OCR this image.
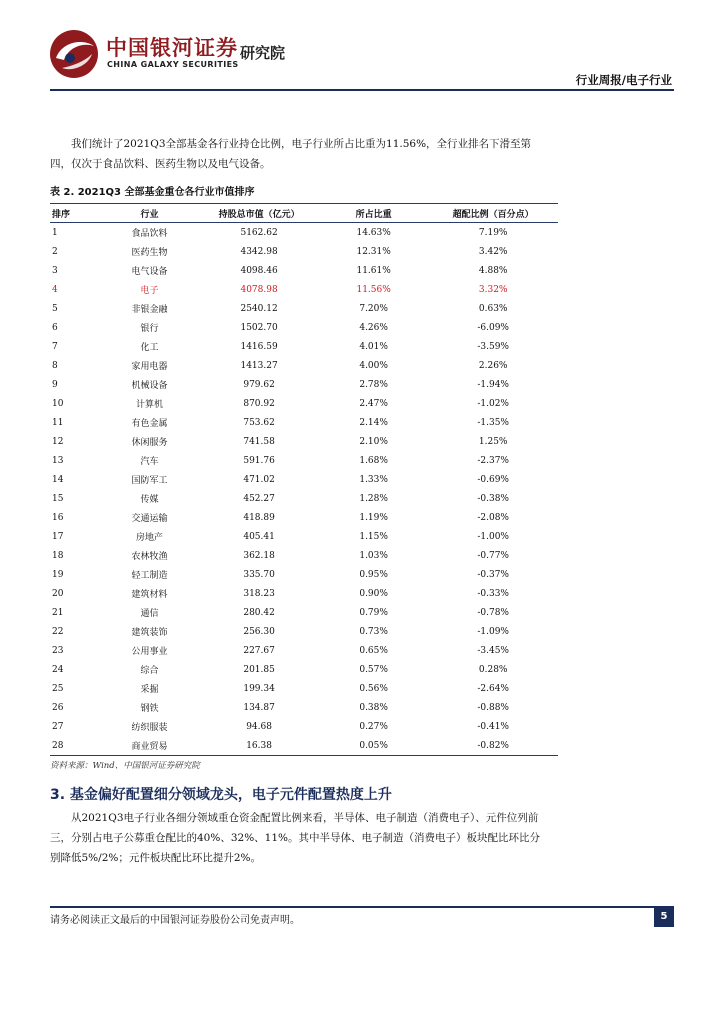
中国银河证券
CHINA GALAXY SECURITIES
研究院
行业周报/电子行业

我们统计了2021Q3全部基金各行业持仓比例，电子行业所占比重为11.56%，全行业排名下滑至第四，仅次于食品饮料、医药生物以及电气设备。

表 2. 2021Q3 全部基金重仓各行业市值排序
排序	行业	持股总市值（亿元）	所占比重	超配比例（百分点）
1	食品饮料	5162.62	14.63%	7.19%
2	医药生物	4342.98	12.31%	3.42%
3	电气设备	4098.46	11.61%	4.88%
4	电子	4078.98	11.56%	3.32%
5	非银金融	2540.12	7.20%	0.63%
6	银行	1502.70	4.26%	-6.09%
7	化工	1416.59	4.01%	-3.59%
8	家用电器	1413.27	4.00%	2.26%
9	机械设备	979.62	2.78%	-1.94%
10	计算机	870.92	2.47%	-1.02%
11	有色金属	753.62	2.14%	-1.35%
12	休闲服务	741.58	2.10%	1.25%
13	汽车	591.76	1.68%	-2.37%
14	国防军工	471.02	1.33%	-0.69%
15	传媒	452.27	1.28%	-0.38%
16	交通运输	418.89	1.19%	-2.08%
17	房地产	405.41	1.15%	-1.00%
18	农林牧渔	362.18	1.03%	-0.77%
19	轻工制造	335.70	0.95%	-0.37%
20	建筑材料	318.23	0.90%	-0.33%
21	通信	280.42	0.79%	-0.78%
22	建筑装饰	256.30	0.73%	-1.09%
23	公用事业	227.67	0.65%	-3.45%
24	综合	201.85	0.57%	0.28%
25	采掘	199.34	0.56%	-2.64%
26	钢铁	134.87	0.38%	-0.88%
27	纺织服装	94.68	0.27%	-0.41%
28	商业贸易	16.38	0.05%	-0.82%
资料来源：Wind、中国银河证券研究院
3. 基金偏好配置细分领域龙头，电子元件配置热度上升

从2021Q3电子行业各细分领域重仓资金配置比例来看，半导体、电子制造（消费电子）、元件位列前三，分别占电子公募重仓配比的40%、32%、11%。其中半导体、电子制造（消费电子）板块配比环比分别降低5%/2%；元件板块配比环比提升2%。

请务必阅读正文最后的中国银河证券股份公司免责声明。	5
